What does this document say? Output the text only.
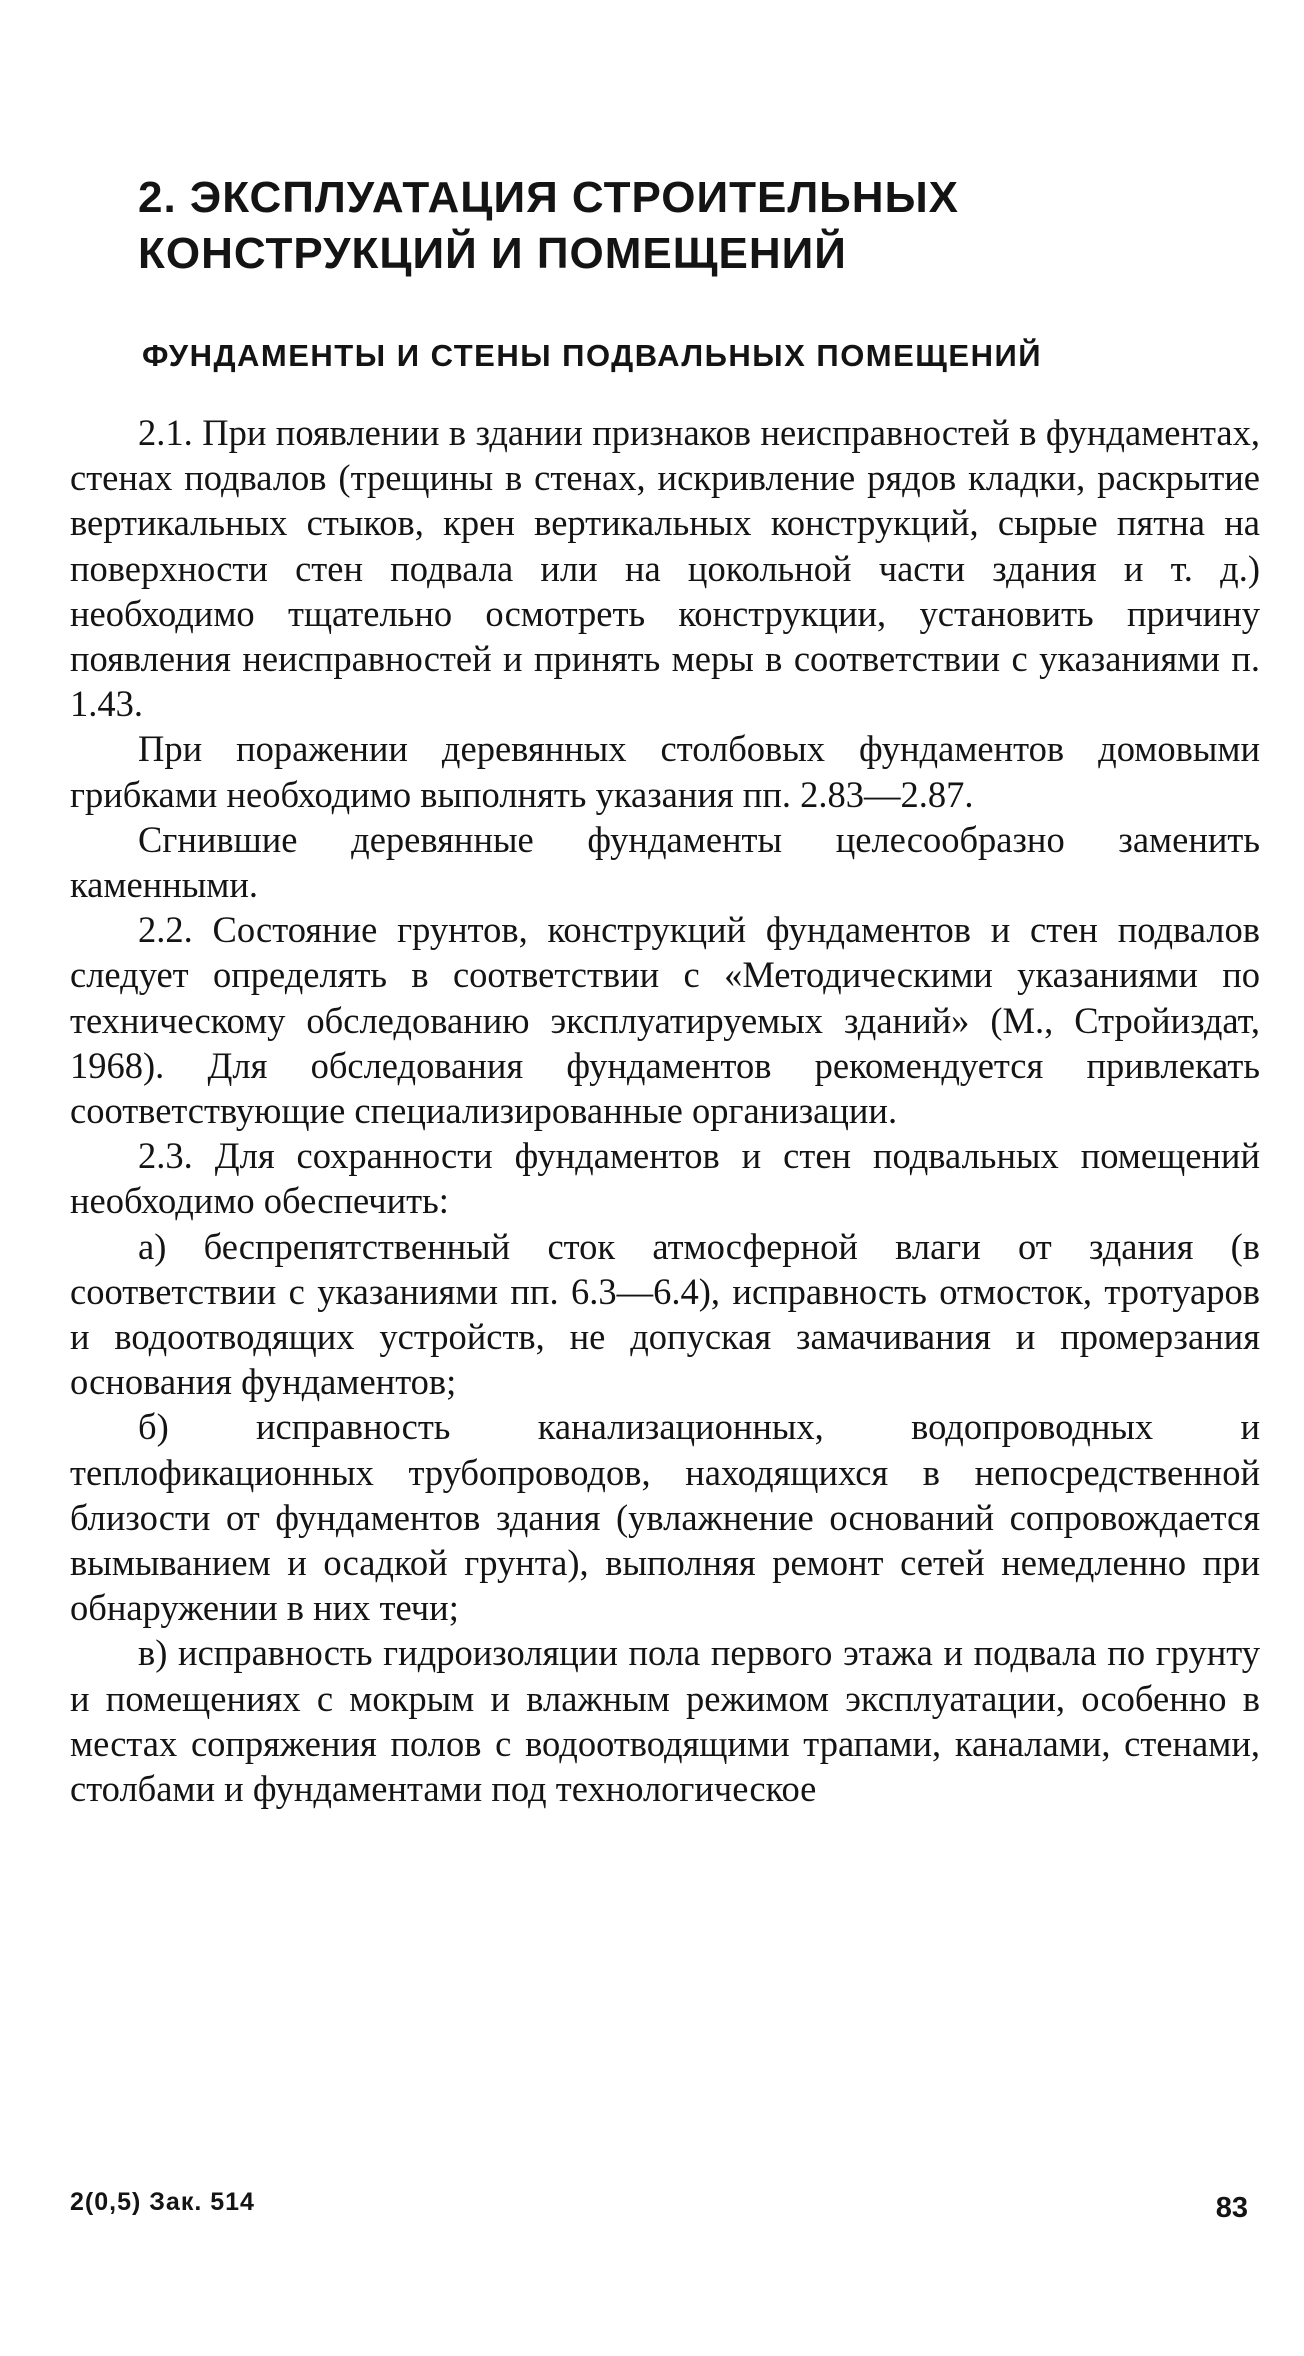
2. ЭКСПЛУАТАЦИЯ СТРОИТЕЛЬНЫХ
КОНСТРУКЦИЙ И ПОМЕЩЕНИЙ
ФУНДАМЕНТЫ И СТЕНЫ ПОДВАЛЬНЫХ ПОМЕЩЕНИЙ

2.1. При появлении в здании признаков неисправностей в фундаментах, стенах подвалов (трещины в стенах, искривление рядов кладки, раскрытие вертикальных стыков, крен вертикальных конструкций, сырые пятна на поверхности стен подвала или на цокольной части здания и т. д.) необходимо тщательно осмотреть конструкции, установить причину появления неисправностей и принять меры в соответствии с указаниями п. 1.43.

При поражении деревянных столбовых фундаментов домовыми грибками необходимо выполнять указания пп. 2.83—2.87.

Сгнившие деревянные фундаменты целесообразно заменить каменными.

2.2. Состояние грунтов, конструкций фундаментов и стен подвалов следует определять в соответствии с «Методическими указаниями по техническому обследованию эксплуатируемых зданий» (М., Стройиздат, 1968). Для обследования фундаментов рекомендуется привлекать соответствующие специализированные организации.

2.3. Для сохранности фундаментов и стен подвальных помещений необходимо обеспечить:

а) беспрепятственный сток атмосферной влаги от здания (в соответствии с указаниями пп. 6.3—6.4), исправность отмосток, тротуаров и водоотводящих устройств, не допуская замачивания и промерзания основания фундаментов;

б) исправность канализационных, водопроводных и теплофикационных трубопроводов, находящихся в непосредственной близости от фундаментов здания (увлажнение оснований сопровождается вымыванием и осадкой грунта), выполняя ремонт сетей немедленно при обнаружении в них течи;

в) исправность гидроизоляции пола первого этажа и подвала по грунту и помещениях с мокрым и влажным режимом эксплуатации, особенно в местах сопряжения полов с водоотводящими трапами, каналами, стенами, столбами и фундаментами под технологическое

2(0,5) Зак. 514	83
